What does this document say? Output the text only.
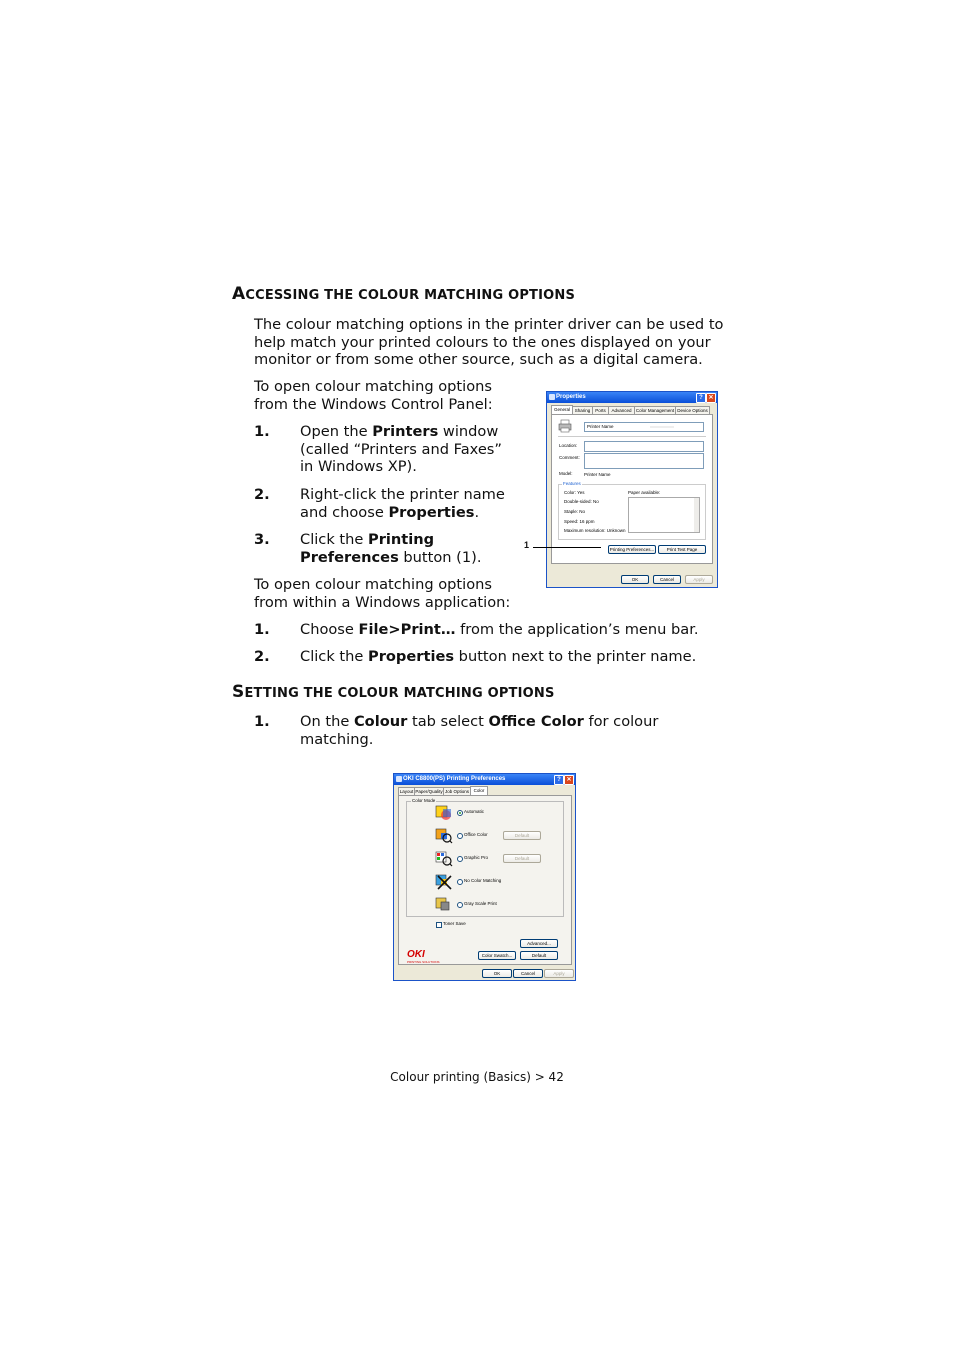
ACCESSING THE COLOUR MATCHING OPTIONS
The colour matching options in the printer driver can be used to help match your printed colours to the ones displayed on your monitor or from some other source, such as a digital camera.
To open colour matching options from the Windows Control Panel:
1. Open the Printers window (called “Printers and Faxes” in Windows XP).
2. Right-click the printer name and choose Properties.
3. Click the Printing Preferences button (1).
To open colour matching options from within a Windows application:
1. Choose File>Print… from the application’s menu bar.
2. Click the Properties button next to the printer name.
SETTING THE COLOUR MATCHING OPTIONS
1. On the Colour tab select Office Color for colour matching.
Properties	? ✕
General	Sharing	Ports	Advanced Color Management Device Options
Printer Name
Location:
Comment:
Model:	Printer Name
Features
Color: Yes	Paper available:
Double-sided: No
Staple: No
Speed: 16 ppm
Maximum resolution: Unknown
Printing Preferences...	Print Test Page
OK	Cancel	Apply
1
OKI C8800(PS) Printing Preferences	? ✕
Layout Paper/Quality Job Options	Color
Color Mode
Automatic
Office Color	Default
Graphic Pro	Default
No Color Matching
Gray Scale Print
Toner Save
Advanced...
OKI
PRINTING SOLUTIONS
Color Swatch...	Default
OK	Cancel	Apply
Colour printing (Basics) > 42
